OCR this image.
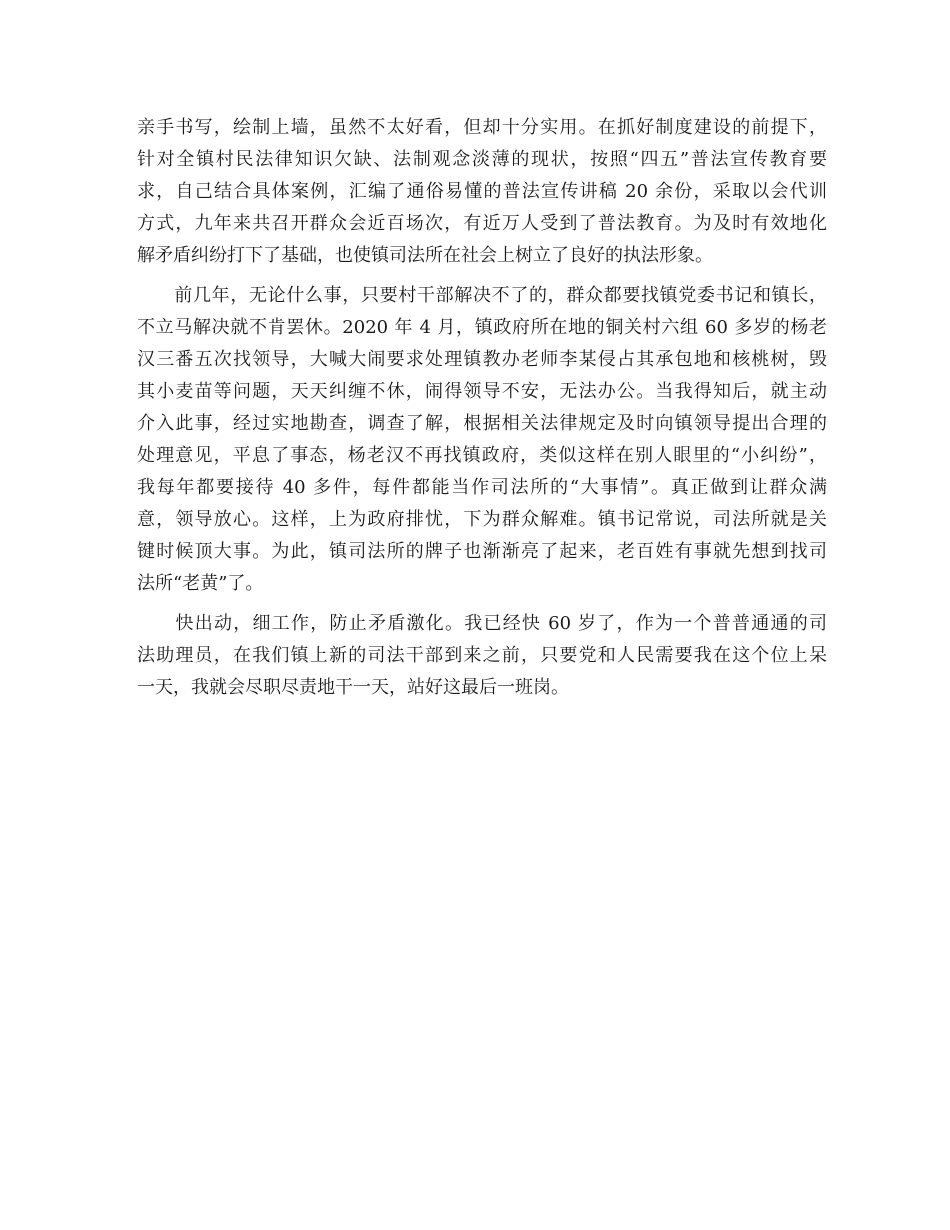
亲手书写，绘制上墙，虽然不太好看，但却十分实用。在抓好制度建设的前提下，
针对全镇村民法律知识欠缺、法制观念淡薄的现状，按照“四五”普法宣传教育要
求，自己结合具体案例，汇编了通俗易懂的普法宣传讲稿 20 余份，采取以会代训
方式，九年来共召开群众会近百场次，有近万人受到了普法教育。为及时有效地化
解矛盾纠纷打下了基础，也使镇司法所在社会上树立了良好的执法形象。
　　前几年，无论什么事，只要村干部解决不了的，群众都要找镇党委书记和镇长，
不立马解决就不肯罢休。2020 年 4 月，镇政府所在地的铜关村六组 60 多岁的杨老
汉三番五次找领导，大喊大闹要求处理镇教办老师李某侵占其承包地和核桃树，毁
其小麦苗等问题，天天纠缠不休，闹得领导不安，无法办公。当我得知后，就主动
介入此事，经过实地勘查，调查了解，根据相关法律规定及时向镇领导提出合理的
处理意见，平息了事态，杨老汉不再找镇政府，类似这样在别人眼里的“小纠纷”，
我每年都要接待 40 多件，每件都能当作司法所的“大事情”。真正做到让群众满
意，领导放心。这样，上为政府排忧，下为群众解难。镇书记常说，司法所就是关
键时候顶大事。为此，镇司法所的牌子也渐渐亮了起来，老百姓有事就先想到找司
法所“老黄”了。
　　快出动，细工作，防止矛盾激化。我已经快 60 岁了，作为一个普普通通的司
法助理员，在我们镇上新的司法干部到来之前，只要党和人民需要我在这个位上呆
一天，我就会尽职尽责地干一天，站好这最后一班岗。
